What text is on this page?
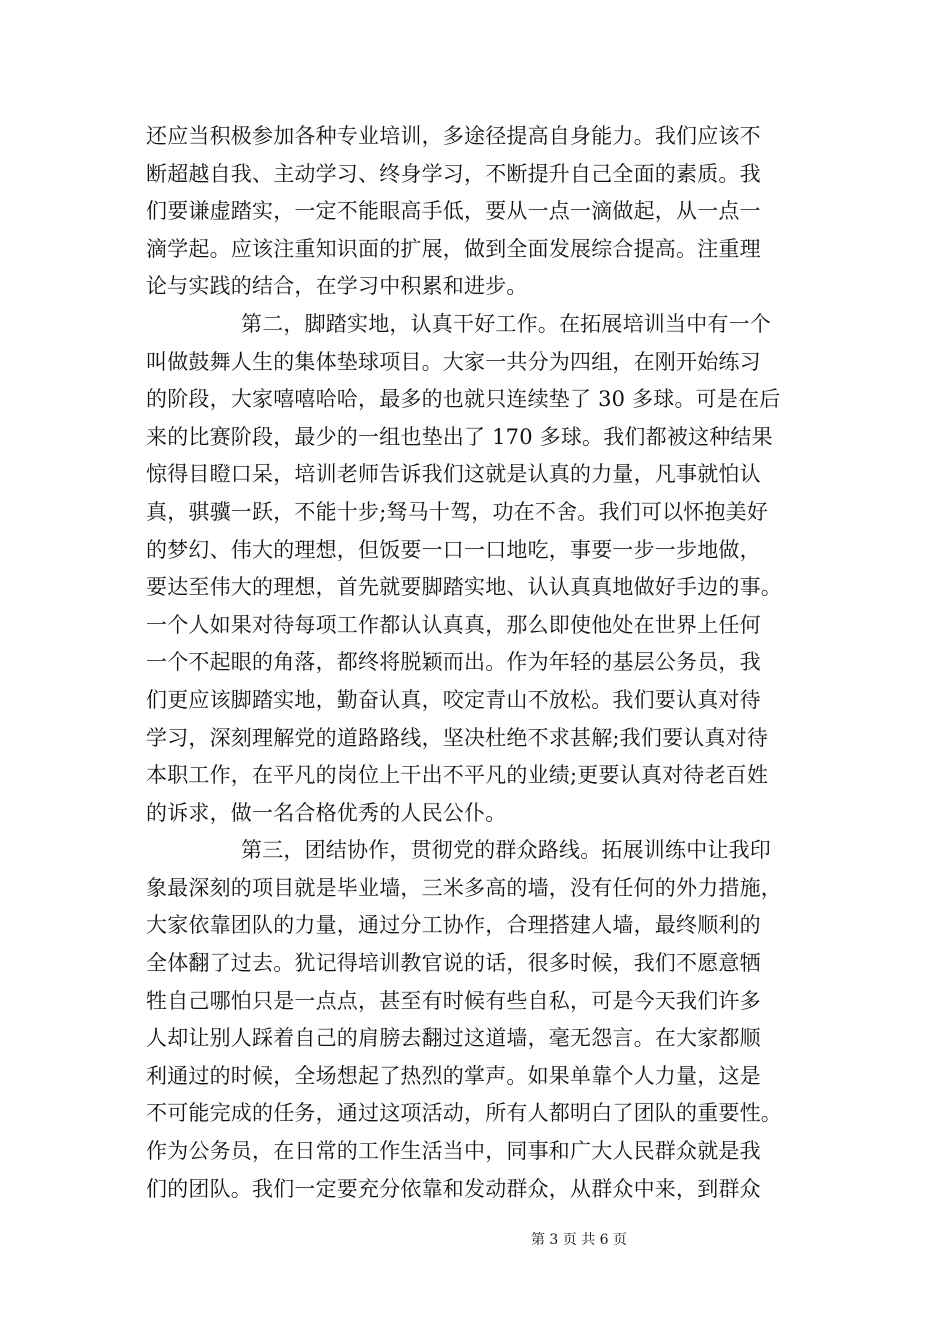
还应当积极参加各种专业培训，多途径提高自身能力。我们应该不
断超越自我、主动学习、终身学习，不断提升自己全面的素质。我
们要谦虚踏实，一定不能眼高手低，要从一点一滴做起，从一点一
滴学起。应该注重知识面的扩展，做到全面发展综合提高。注重理
论与实践的结合，在学习中积累和进步。
第二，脚踏实地，认真干好工作。在拓展培训当中有一个
叫做鼓舞人生的集体垫球项目。大家一共分为四组，在刚开始练习
的阶段，大家嘻嘻哈哈，最多的也就只连续垫了 30 多球。可是在后
来的比赛阶段，最少的一组也垫出了 170 多球。我们都被这种结果
惊得目瞪口呆，培训老师告诉我们这就是认真的力量，凡事就怕认
真，骐骥一跃，不能十步;驽马十驾，功在不舍。我们可以怀抱美好
的梦幻、伟大的理想，但饭要一口一口地吃，事要一步一步地做，
要达至伟大的理想，首先就要脚踏实地、认认真真地做好手边的事。
一个人如果对待每项工作都认认真真，那么即使他处在世界上任何
一个不起眼的角落，都终将脱颖而出。作为年轻的基层公务员，我
们更应该脚踏实地，勤奋认真，咬定青山不放松。我们要认真对待
学习，深刻理解党的道路路线，坚决杜绝不求甚解;我们要认真对待
本职工作，在平凡的岗位上干出不平凡的业绩;更要认真对待老百姓
的诉求，做一名合格优秀的人民公仆。
第三，团结协作，贯彻党的群众路线。拓展训练中让我印
象最深刻的项目就是毕业墙，三米多高的墙，没有任何的外力措施，
大家依靠团队的力量，通过分工协作，合理搭建人墙，最终顺利的
全体翻了过去。犹记得培训教官说的话，很多时候，我们不愿意牺
牲自己哪怕只是一点点，甚至有时候有些自私，可是今天我们许多
人却让别人踩着自己的肩膀去翻过这道墙，毫无怨言。在大家都顺
利通过的时候，全场想起了热烈的掌声。如果单靠个人力量，这是
不可能完成的任务，通过这项活动，所有人都明白了团队的重要性。
作为公务员，在日常的工作生活当中，同事和广大人民群众就是我
们的团队。我们一定要充分依靠和发动群众，从群众中来，到群众
第 3 页 共 6 页
